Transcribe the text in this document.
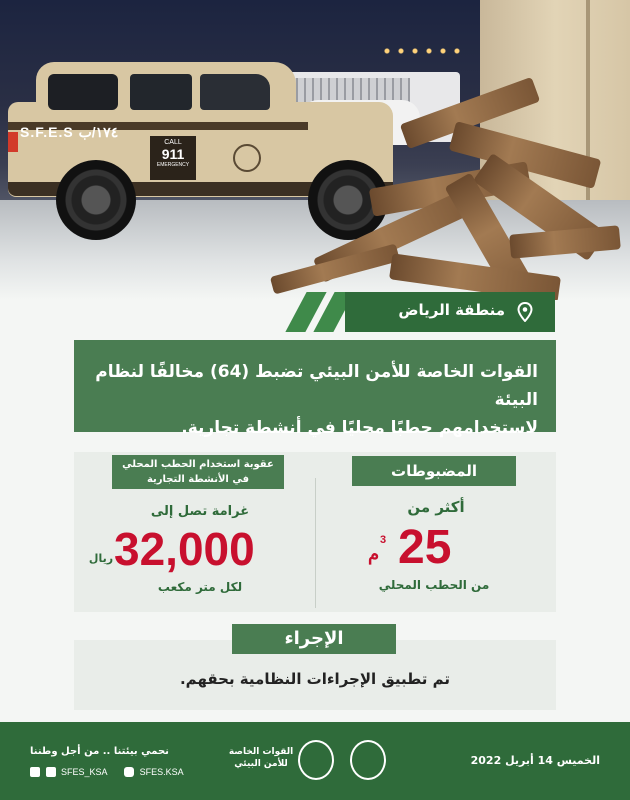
S.F.E.S ١٧٤/ب
CALL
911
EMERGENCY
منطقة الرياض
القوات الخاصة للأمن البيئي تضبط (64) مخالفًا لنظام البيئة
لاستخدامهم حطبًا محليًا في أنشطة تجارية.
المضبوطات
عقوبة استخدام الحطب المحلي
في الأنشطة التجارية
أكثر من
م
3 25
من الحطب المحلي
غرامة تصل إلى
32,000
ريال
لكل متر مكعب
الإجراء
تم تطبيق الإجراءات النظامية بحقهم.
الخميس 14 أبريل 2022
القوات الخاصة
للأمن البيئي
نحمي بيئتنا .. من أجل وطننا
SFES_KSA	SFES.KSA
